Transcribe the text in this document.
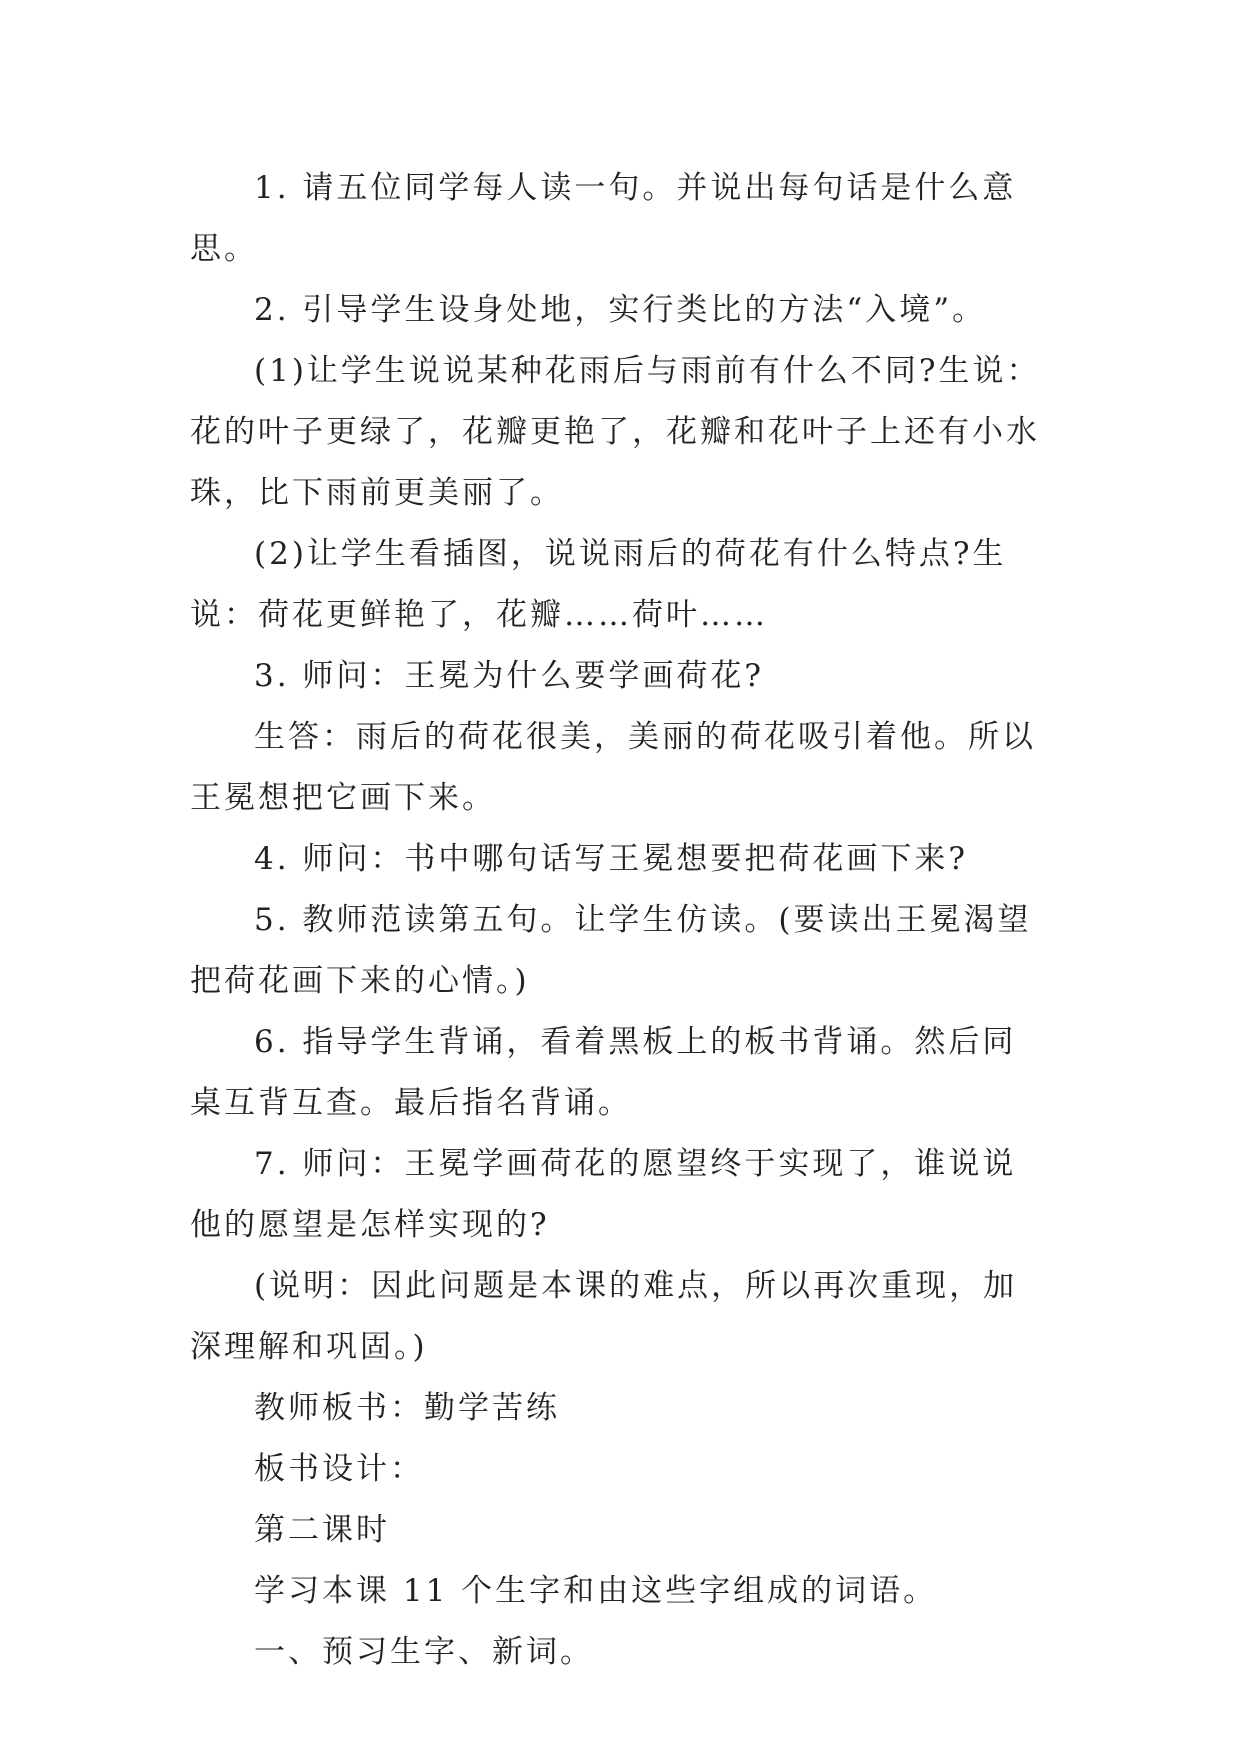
1. 请五位同学每人读一句。并说出每句话是什么意思。

2. 引导学生设身处地，实行类比的方法“入境”。

(1)让学生说说某种花雨后与雨前有什么不同?生说：花的叶子更绿了，花瓣更艳了，花瓣和花叶子上还有小水珠，比下雨前更美丽了。

(2)让学生看插图，说说雨后的荷花有什么特点?生说：荷花更鲜艳了，花瓣……荷叶……

3. 师问：王冕为什么要学画荷花?

生答：雨后的荷花很美，美丽的荷花吸引着他。所以王冕想把它画下来。

4. 师问：书中哪句话写王冕想要把荷花画下来?

5. 教师范读第五句。让学生仿读。(要读出王冕渴望把荷花画下来的心情。)

6. 指导学生背诵，看着黑板上的板书背诵。然后同桌互背互查。最后指名背诵。

7. 师问：王冕学画荷花的愿望终于实现了，谁说说他的愿望是怎样实现的?

(说明：因此问题是本课的难点，所以再次重现，加深理解和巩固。)

教师板书：勤学苦练

板书设计：

第二课时

学习本课 11 个生字和由这些字组成的词语。

一、预习生字、新词。
